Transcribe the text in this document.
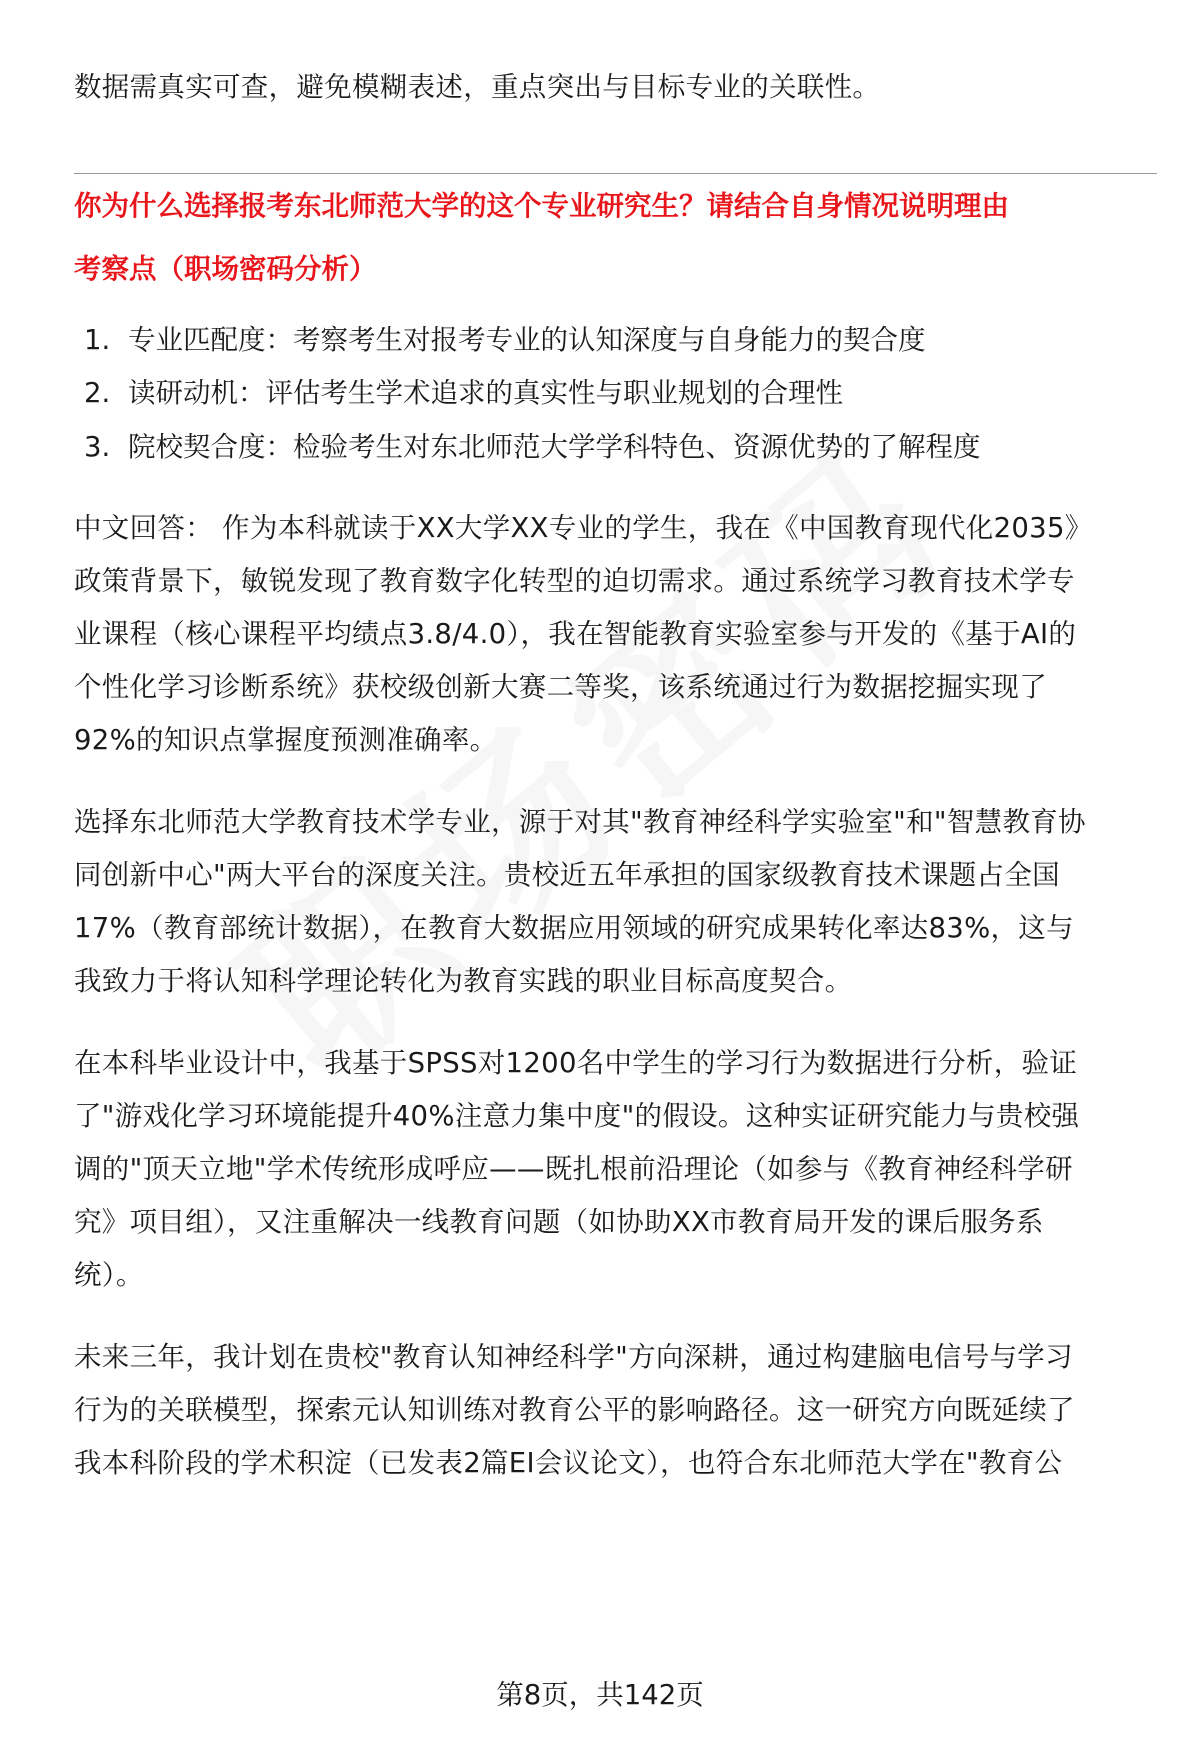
数据需真实可查，避免模糊表述，重点突出与目标专业的关联性。
你为什么选择报考东北师范大学的这个专业研究生？请结合自身情况说明理由
考察点（职场密码分析）
1. 专业匹配度：考察考生对报考专业的认知深度与自身能力的契合度
2. 读研动机：评估考生学术追求的真实性与职业规划的合理性
3. 院校契合度：检验考生对东北师范大学学科特色、资源优势的了解程度
中文回答： 作为本科就读于XX大学XX专业的学生，我在《中国教育现代化2035》
政策背景下，敏锐发现了教育数字化转型的迫切需求。通过系统学习教育技术学专
业课程（核心课程平均绩点3.8/4.0），我在智能教育实验室参与开发的《基于AI的
个性化学习诊断系统》获校级创新大赛二等奖，该系统通过行为数据挖掘实现了
92%的知识点掌握度预测准确率。
选择东北师范大学教育技术学专业，源于对其"教育神经科学实验室"和"智慧教育协
同创新中心"两大平台的深度关注。贵校近五年承担的国家级教育技术课题占全国
17%（教育部统计数据），在教育大数据应用领域的研究成果转化率达83%，这与
我致力于将认知科学理论转化为教育实践的职业目标高度契合。
在本科毕业设计中，我基于SPSS对1200名中学生的学习行为数据进行分析，验证
了"游戏化学习环境能提升40%注意力集中度"的假设。这种实证研究能力与贵校强
调的"顶天立地"学术传统形成呼应——既扎根前沿理论（如参与《教育神经科学研
究》项目组），又注重解决一线教育问题（如协助XX市教育局开发的课后服务系
统）。
未来三年，我计划在贵校"教育认知神经科学"方向深耕，通过构建脑电信号与学习
行为的关联模型，探索元认知训练对教育公平的影响路径。这一研究方向既延续了
我本科阶段的学术积淀（已发表2篇EI会议论文），也符合东北师范大学在"教育公
第8页，共142页
